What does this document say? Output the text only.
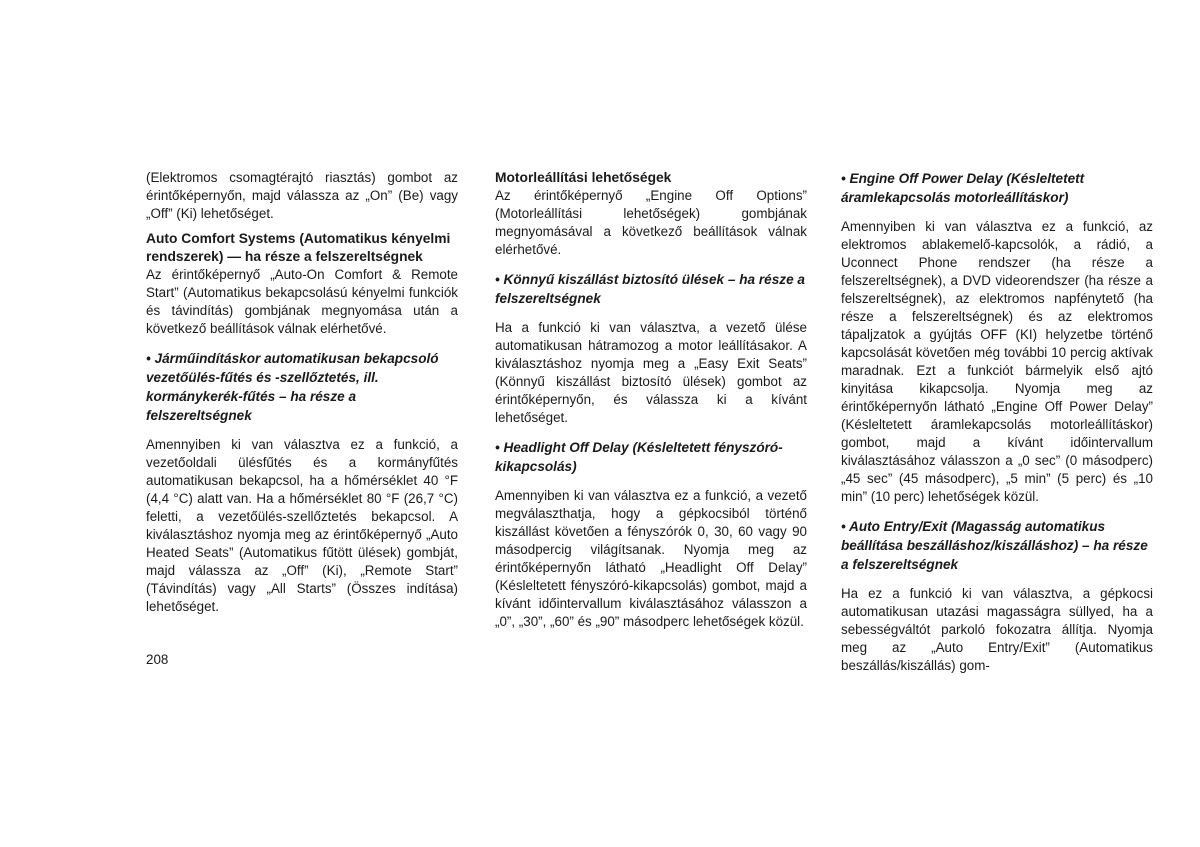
(Elektromos csomagtérajtó riasztás) gombot az érintőképernyőn, majd válassza az „On” (Be) vagy „Off” (Ki) lehetőséget.

Auto Comfort Systems (Automatikus kényelmi rendszerek) — ha része a felszereltségnek

Az érintőképernyő „Auto-On Comfort & Remote Start” (Automatikus bekapcsolású kényelmi funkciók és távindítás) gombjának megnyomása után a következő beállítások válnak elérhetővé.

• Járműindításkor automatikusan bekapcsoló vezetőülés-fűtés és -szellőztetés, ill. kormánykerék-fűtés – ha része a felszereltségnek

Amennyiben ki van választva ez a funkció, a vezetőoldali ülésfűtés és a kormányfűtés automatikusan bekapcsol, ha a hőmérséklet 40 °F (4,4 °C) alatt van. Ha a hőmérséklet 80 °F (26,7 °C) feletti, a vezetőülés-szellőztetés bekapcsol. A kiválasztáshoz nyomja meg az érintőképernyő „Auto Heated Seats” (Automatikus fűtött ülések) gombját, majd válassza az „Off” (Ki), „Remote Start” (Távindítás) vagy „All Starts” (Összes indítása) lehetőséget.

Motorleállítási lehetőségek

Az érintőképernyő „Engine Off Options” (Motorleállítási lehetőségek) gombjának megnyomásával a következő beállítások válnak elérhetővé.

• Könnyű kiszállást biztosító ülések – ha része a felszereltségnek

Ha a funkció ki van választva, a vezető ülése automatikusan hátramozog a motor leállításakor. A kiválasztáshoz nyomja meg a „Easy Exit Seats” (Könnyű kiszállást biztosító ülések) gombot az érintőképernyőn, és válassza ki a kívánt lehetőséget.

• Headlight Off Delay (Késleltetett fényszóró-kikapcsolás)

Amennyiben ki van választva ez a funkció, a vezető megválaszthatja, hogy a gépkocsiból történő kiszállást követően a fényszórók 0, 30, 60 vagy 90 másodpercig világítsanak. Nyomja meg az érintőképernyőn látható „Headlight Off Delay” (Késleltetett fényszóró-kikapcsolás) gombot, majd a kívánt időintervallum kiválasztásához válasszon a „0”, „30”, „60” és „90” másodperc lehetőségek közül.

• Engine Off Power Delay (Késleltetett áramlekapcsolás motorleállításkor)

Amennyiben ki van választva ez a funkció, az elektromos ablakemelő-kapcsolók, a rádió, a Uconnect Phone rendszer (ha része a felszereltségnek), a DVD videorendszer (ha része a felszereltségnek), az elektromos napfénytető (ha része a felszereltségnek) és az elektromos tápaljzatok a gyújtás OFF (KI) helyzetbe történő kapcsolását követően még további 10 percig aktívak maradnak. Ezt a funkciót bármelyik első ajtó kinyitása kikapcsolja. Nyomja meg az érintőképernyőn látható „Engine Off Power Delay” (Késleltetett áramlekapcsolás motorleállításkor) gombot, majd a kívánt időintervallum kiválasztásához válasszon a „0 sec” (0 másodperc) „45 sec” (45 másodperc), „5 min” (5 perc) és „10 min” (10 perc) lehetőségek közül.

• Auto Entry/Exit (Magasság automatikus beállítása beszálláshoz/kiszálláshoz) – ha része a felszereltségnek

Ha ez a funkció ki van választva, a gépkocsi automatikusan utazási magasságra süllyed, ha a sebességváltót parkoló fokozatra állítja. Nyomja meg az „Auto Entry/Exit” (Automatikus beszállás/kiszállás) gom-

208
